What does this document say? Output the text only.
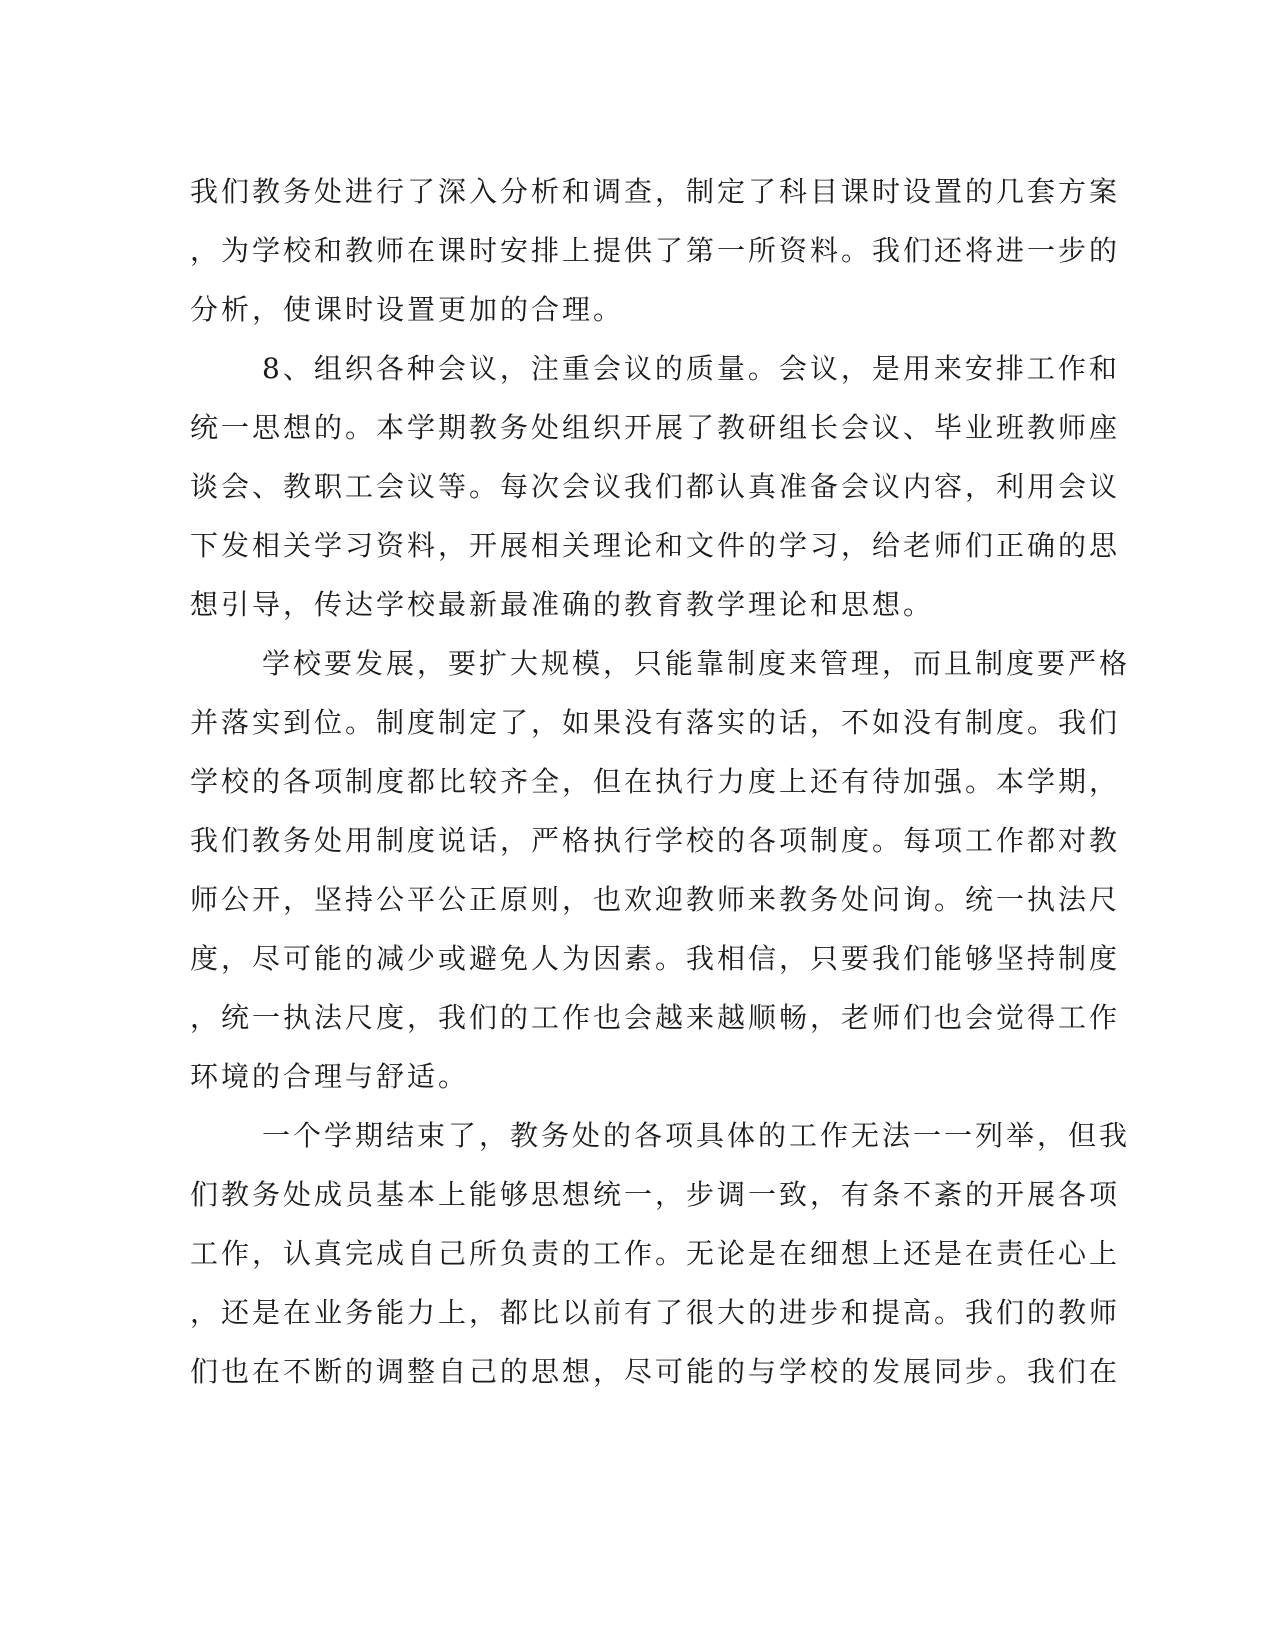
我们教务处进行了深入分析和调查，制定了科目课时设置的几套方案
，为学校和教师在课时安排上提供了第一所资料。我们还将进一步的
分析，使课时设置更加的合理。
8、组织各种会议，注重会议的质量。会议，是用来安排工作和
统一思想的。本学期教务处组织开展了教研组长会议、毕业班教师座
谈会、教职工会议等。每次会议我们都认真准备会议内容，利用会议
下发相关学习资料，开展相关理论和文件的学习，给老师们正确的思
想引导，传达学校最新最准确的教育教学理论和思想。
学校要发展，要扩大规模，只能靠制度来管理，而且制度要严格
并落实到位。制度制定了，如果没有落实的话，不如没有制度。我们
学校的各项制度都比较齐全，但在执行力度上还有待加强。本学期，
我们教务处用制度说话，严格执行学校的各项制度。每项工作都对教
师公开，坚持公平公正原则，也欢迎教师来教务处问询。统一执法尺
度，尽可能的减少或避免人为因素。我相信，只要我们能够坚持制度
，统一执法尺度，我们的工作也会越来越顺畅，老师们也会觉得工作
环境的合理与舒适。
一个学期结束了，教务处的各项具体的工作无法一一列举，但我
们教务处成员基本上能够思想统一，步调一致，有条不紊的开展各项
工作，认真完成自己所负责的工作。无论是在细想上还是在责任心上
，还是在业务能力上，都比以前有了很大的进步和提高。我们的教师
们也在不断的调整自己的思想，尽可能的与学校的发展同步。我们在
